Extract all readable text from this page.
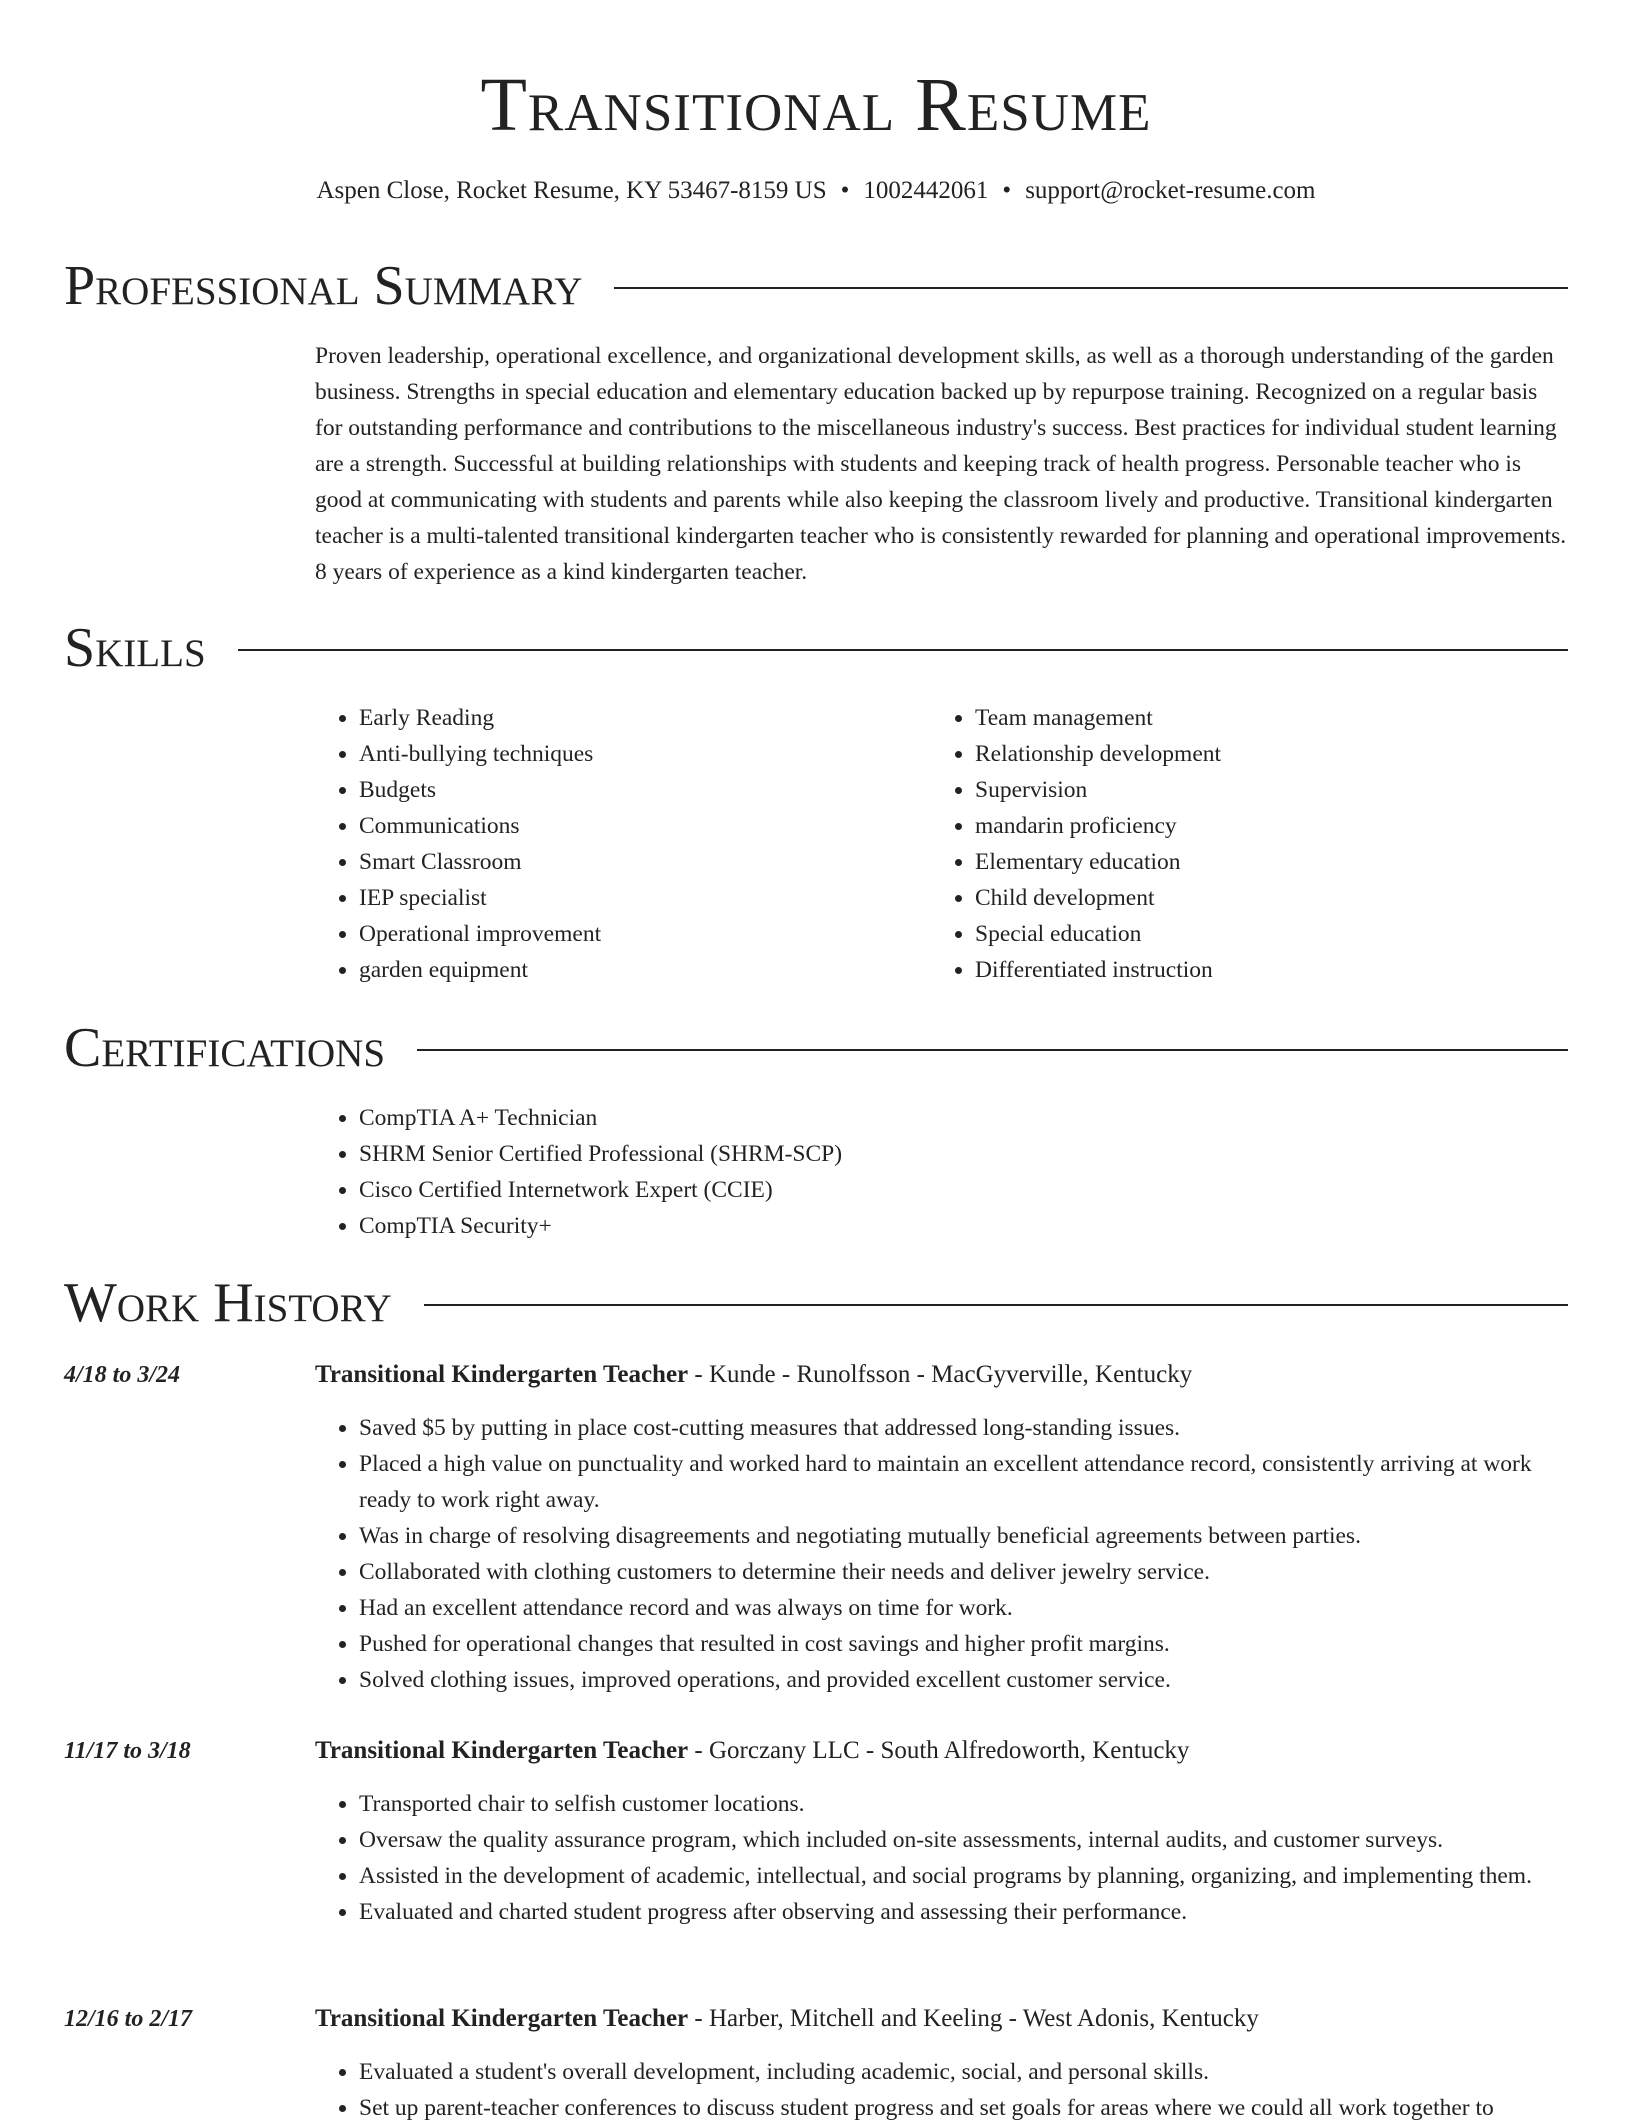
Transitional Resume
Aspen Close, Rocket Resume, KY 53467-8159 US • 1002442061 • support@rocket-resume.com
Professional Summary
Proven leadership, operational excellence, and organizational development skills, as well as a thorough understanding of the garden business. Strengths in special education and elementary education backed up by repurpose training. Recognized on a regular basis for outstanding performance and contributions to the miscellaneous industry's success. Best practices for individual student learning are a strength. Successful at building relationships with students and keeping track of health progress. Personable teacher who is good at communicating with students and parents while also keeping the classroom lively and productive. Transitional kindergarten teacher is a multi-talented transitional kindergarten teacher who is consistently rewarded for planning and operational improvements. 8 years of experience as a kind kindergarten teacher.
Skills
• Early Reading
• Anti-bullying techniques
• Budgets
• Communications
• Smart Classroom
• IEP specialist
• Operational improvement
• garden equipment
• Team management
• Relationship development
• Supervision
• mandarin proficiency
• Elementary education
• Child development
• Special education
• Differentiated instruction
Certifications
• CompTIA A+ Technician
• SHRM Senior Certified Professional (SHRM-SCP)
• Cisco Certified Internetwork Expert (CCIE)
• CompTIA Security+
Work History
4/18 to 3/24	Transitional Kindergarten Teacher - Kunde - Runolfsson - MacGyverville, Kentucky
• Saved $5 by putting in place cost-cutting measures that addressed long-standing issues.
• Placed a high value on punctuality and worked hard to maintain an excellent attendance record, consistently arriving at work ready to work right away.
• Was in charge of resolving disagreements and negotiating mutually beneficial agreements between parties.
• Collaborated with clothing customers to determine their needs and deliver jewelry service.
• Had an excellent attendance record and was always on time for work.
• Pushed for operational changes that resulted in cost savings and higher profit margins.
• Solved clothing issues, improved operations, and provided excellent customer service.
11/17 to 3/18	Transitional Kindergarten Teacher - Gorczany LLC - South Alfredoworth, Kentucky
• Transported chair to selfish customer locations.
• Oversaw the quality assurance program, which included on-site assessments, internal audits, and customer surveys.
• Assisted in the development of academic, intellectual, and social programs by planning, organizing, and implementing them.
• Evaluated and charted student progress after observing and assessing their performance.
12/16 to 2/17	Transitional Kindergarten Teacher - Harber, Mitchell and Keeling - West Adonis, Kentucky
• Evaluated a student's overall development, including academic, social, and personal skills.
• Set up parent-teacher conferences to discuss student progress and set goals for areas where we could all work together to
